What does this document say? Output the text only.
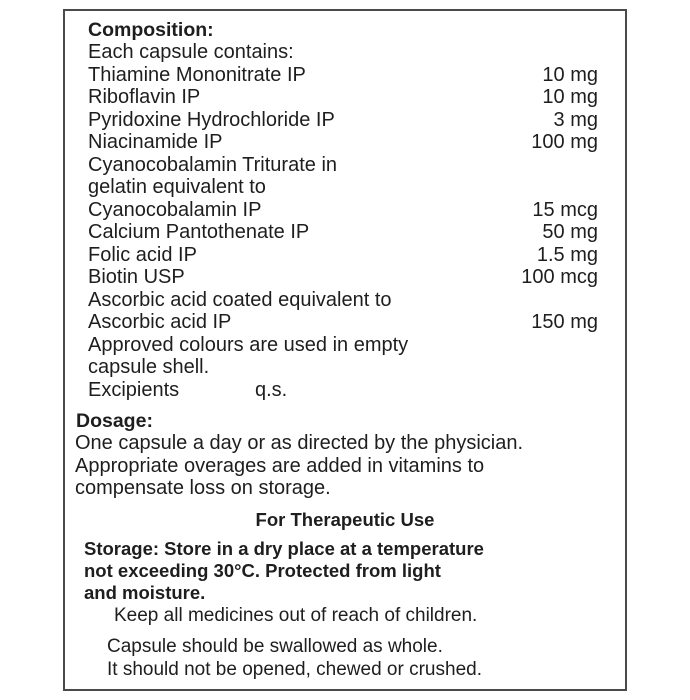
Composition:
Each capsule contains:
Thiamine Mononitrate IP	10 mg
Riboflavin IP	10 mg
Pyridoxine Hydrochloride IP	3 mg
Niacinamide IP	100 mg
Cyanocobalamin Triturate in
gelatin equivalent to
Cyanocobalamin IP	15 mcg
Calcium Pantothenate IP	50 mg
Folic acid IP	1.5 mg
Biotin USP	100 mcg
Ascorbic acid coated equivalent to
Ascorbic acid IP	150 mg
Approved colours are used in empty
capsule shell.
Excipients	q.s.
Dosage:
One capsule a day or as directed by the physician.
Appropriate overages are added in vitamins to
compensate loss on storage.
For Therapeutic Use
Storage: Store in a dry place at a temperature
not exceeding 30°C. Protected from light
and moisture.
Keep all medicines out of reach of children.
Capsule should be swallowed as whole.
It should not be opened, chewed or crushed.
